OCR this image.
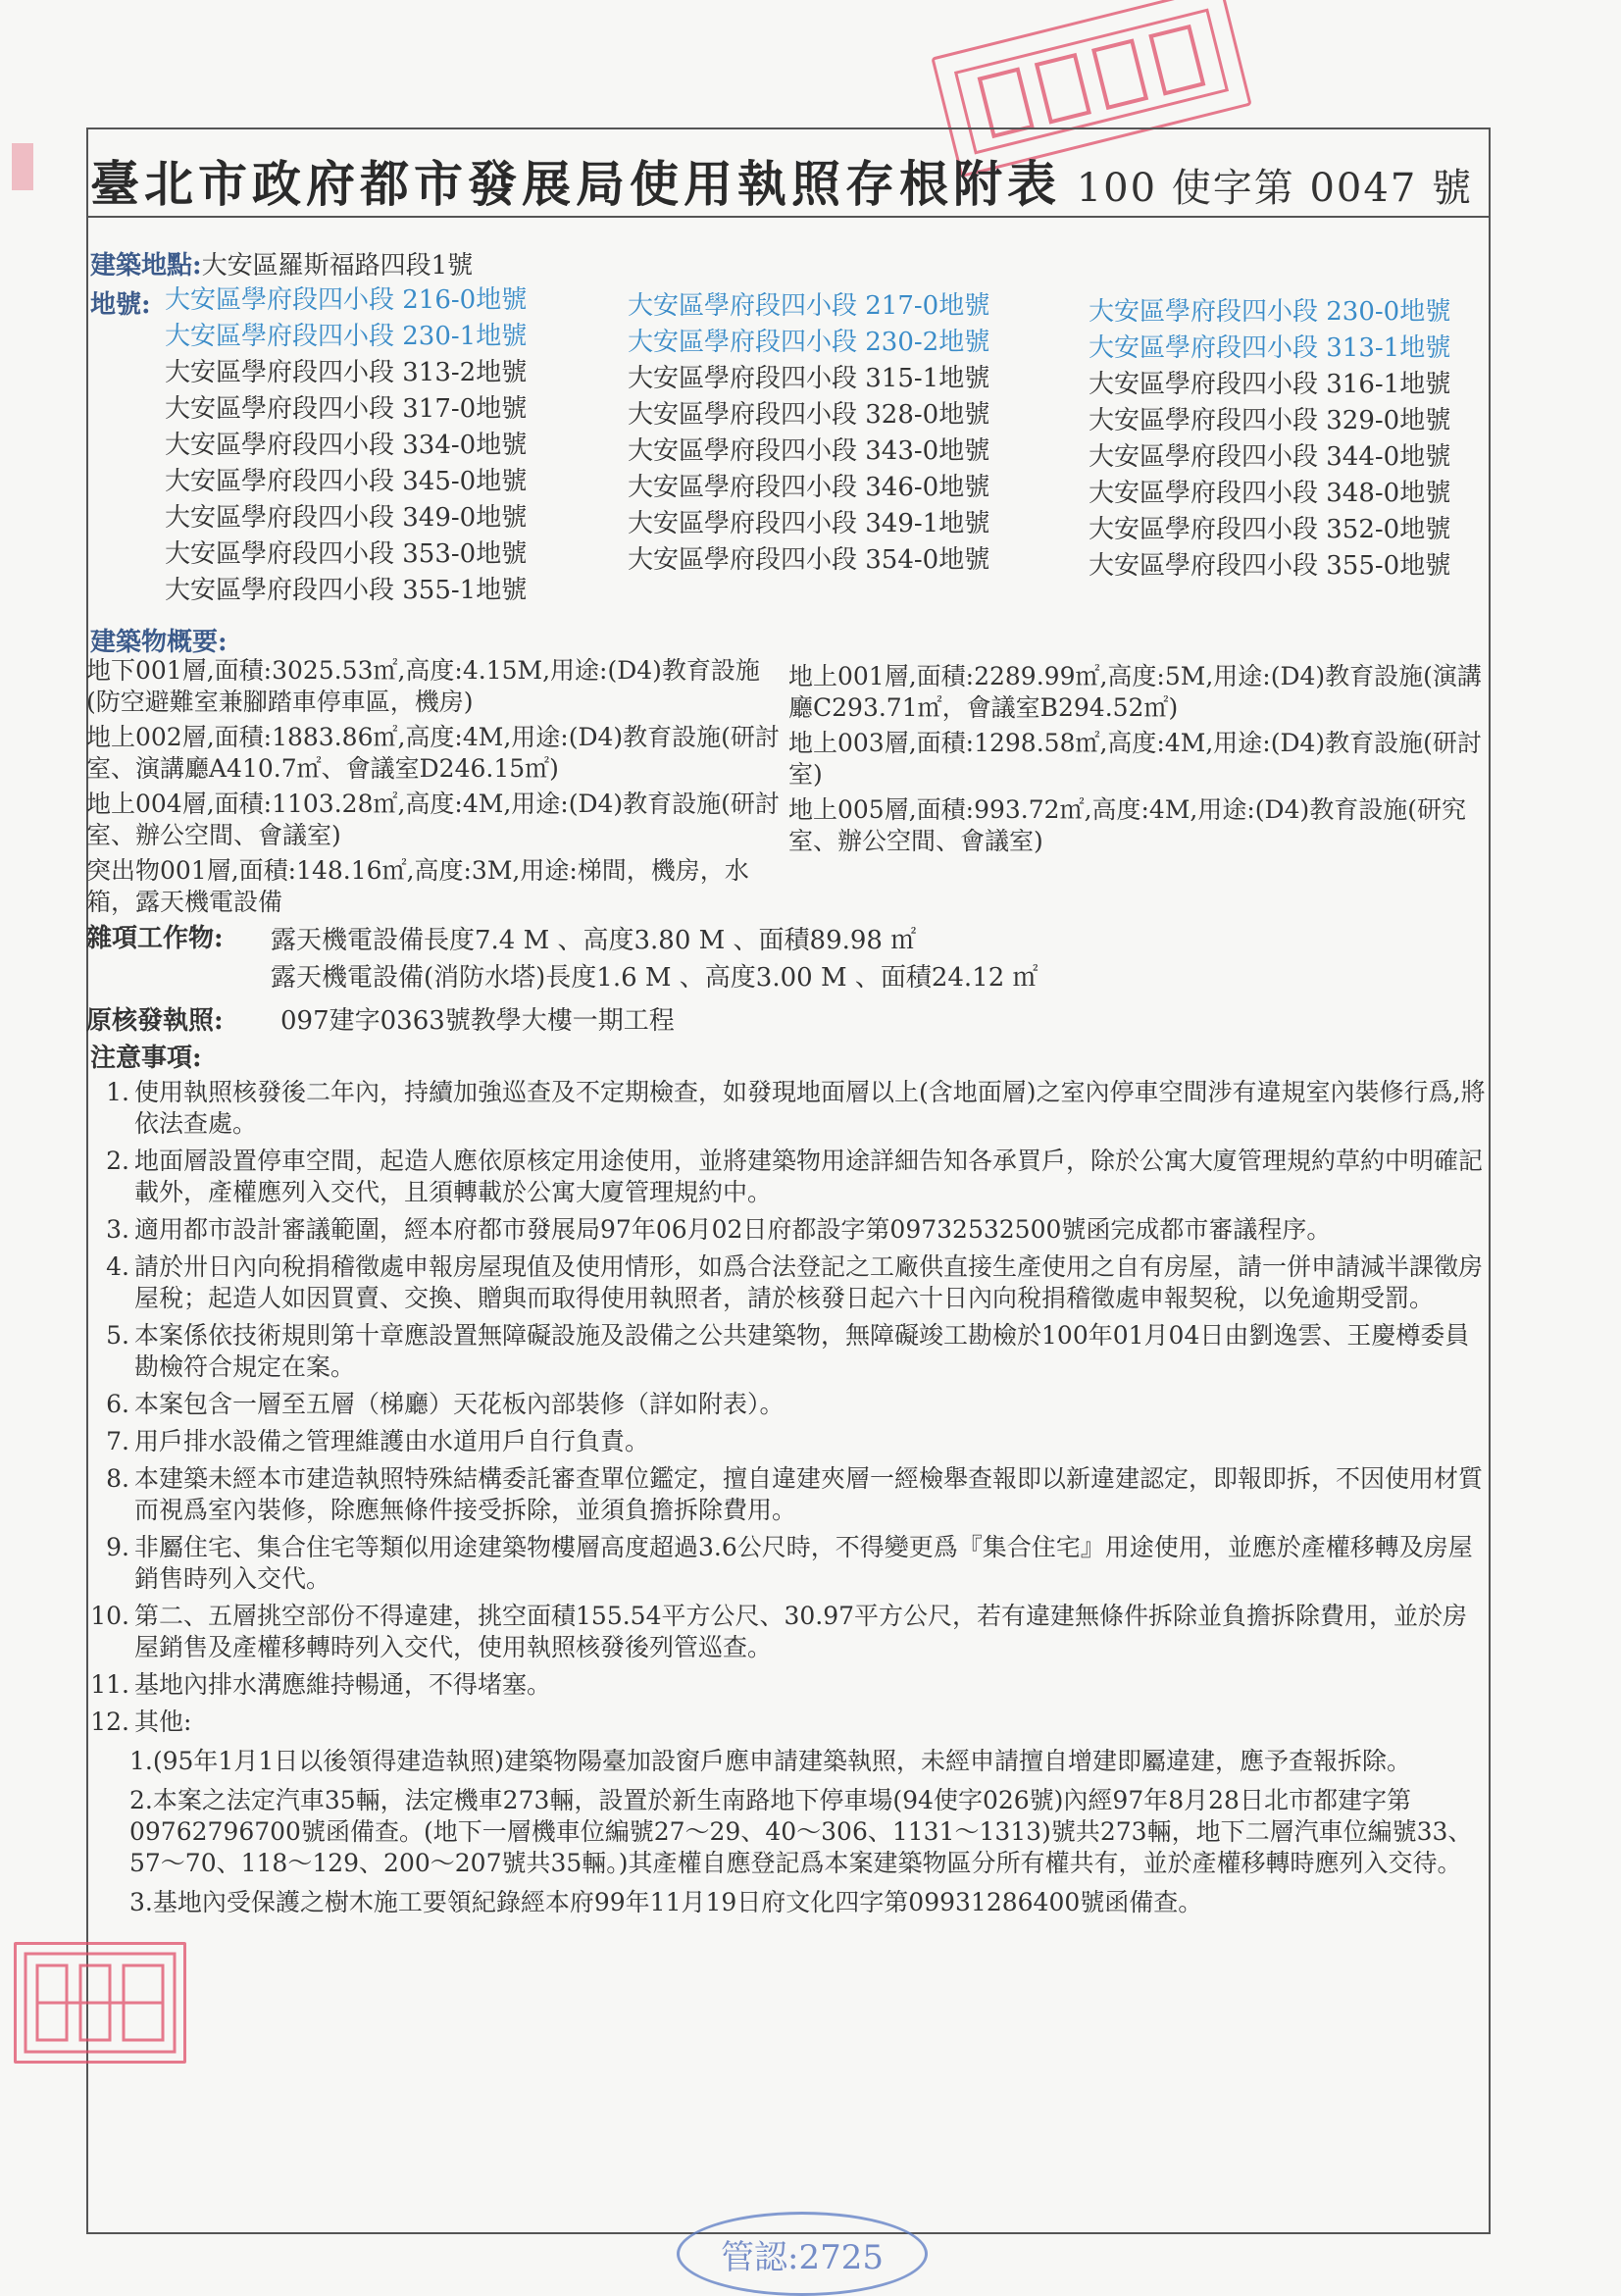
臺北市政府都市發展局使用執照存根附表 100 使字第 0047 號
建築地點:大安區羅斯福路四段1號
地號: 大安區學府段四小段 216-0地號
大安區學府段四小段 230-1地號
大安區學府段四小段 313-2地號
大安區學府段四小段 317-0地號
大安區學府段四小段 334-0地號
大安區學府段四小段 345-0地號
大安區學府段四小段 349-0地號
大安區學府段四小段 353-0地號
大安區學府段四小段 355-1地號
大安區學府段四小段 217-0地號
大安區學府段四小段 230-2地號
大安區學府段四小段 315-1地號
大安區學府段四小段 328-0地號
大安區學府段四小段 343-0地號
大安區學府段四小段 346-0地號
大安區學府段四小段 349-1地號
大安區學府段四小段 354-0地號
大安區學府段四小段 230-0地號
大安區學府段四小段 313-1地號
大安區學府段四小段 316-1地號
大安區學府段四小段 329-0地號
大安區學府段四小段 344-0地號
大安區學府段四小段 348-0地號
大安區學府段四小段 352-0地號
大安區學府段四小段 355-0地號
建築物概要:
地下001層,面積:3025.53㎡,高度:4.15M,用途:(D4)教育設施(防空避難室兼腳踏車停車區，機房)
地上002層,面積:1883.86㎡,高度:4M,用途:(D4)教育設施(研討室、演講廳A410.7㎡、會議室D246.15㎡)
地上004層,面積:1103.28㎡,高度:4M,用途:(D4)教育設施(研討室、辦公空間、會議室)
突出物001層,面積:148.16㎡,高度:3M,用途:梯間，機房，水箱，露天機電設備
地上001層,面積:2289.99㎡,高度:5M,用途:(D4)教育設施(演講廳C293.71㎡，會議室B294.52㎡)
地上003層,面積:1298.58㎡,高度:4M,用途:(D4)教育設施(研討室)
地上005層,面積:993.72㎡,高度:4M,用途:(D4)教育設施(研究室、辦公空間、會議室)
雜項工作物: 露天機電設備長度7.4 M 、高度3.80 M 、面積89.98 ㎡
露天機電設備(消防水塔)長度1.6 M 、高度3.00 M 、面積24.12 ㎡
原核發執照: 097建字0363號教學大樓一期工程
注意事項:
1. 使用執照核發後二年內，持續加強巡查及不定期檢查，如發現地面層以上(含地面層)之室內停車空間涉有違規室內裝修行爲,將依法查處。
2. 地面層設置停車空間，起造人應依原核定用途使用，並將建築物用途詳細告知各承買戶，除於公寓大廈管理規約草約中明確記載外，產權應列入交代，且須轉載於公寓大廈管理規約中。
3. 適用都市設計審議範圍，經本府都市發展局97年06月02日府都設字第09732532500號函完成都市審議程序。
4. 請於卅日內向稅捐稽徵處申報房屋現值及使用情形，如爲合法登記之工廠供直接生產使用之自有房屋，請一併申請減半課徵房屋稅；起造人如因買賣、交換、贈與而取得使用執照者，請於核發日起六十日內向稅捐稽徵處申報契稅，以免逾期受罰。
5. 本案係依技術規則第十章應設置無障礙設施及設備之公共建築物，無障礙竣工勘檢於100年01月04日由劉逸雲、王慶樽委員勘檢符合規定在案。
6. 本案包含一層至五層（梯廳）天花板內部裝修（詳如附表）。
7. 用戶排水設備之管理維護由水道用戶自行負責。
8. 本建築未經本市建造執照特殊結構委託審查單位鑑定，擅自違建夾層一經檢舉查報即以新違建認定，即報即拆，不因使用材質而視爲室內裝修，除應無條件接受拆除，並須負擔拆除費用。
9. 非屬住宅、集合住宅等類似用途建築物樓層高度超過3.6公尺時，不得變更爲『集合住宅』用途使用，並應於產權移轉及房屋銷售時列入交代。
10. 第二、五層挑空部份不得違建，挑空面積155.54平方公尺、30.97平方公尺，若有違建無條件拆除並負擔拆除費用，並於房屋銷售及產權移轉時列入交代，使用執照核發後列管巡查。
11. 基地內排水溝應維持暢通，不得堵塞。
12. 其他:
1.(95年1月1日以後領得建造執照)建築物陽臺加設窗戶應申請建築執照，未經申請擅自增建即屬違建，應予查報拆除。
2.本案之法定汽車35輛，法定機車273輛，設置於新生南路地下停車場(94使字026號)內經97年8月28日北市都建字第09762796700號函備查。(地下一層機車位編號27～29、40～306、1131～1313)號共273輛，地下二層汽車位編號33、57～70、118～129、200～207號共35輛。)其產權自應登記爲本案建築物區分所有權共有，並於產權移轉時應列入交待。
3.基地內受保護之樹木施工要領紀錄經本府99年11月19日府文化四字第09931286400號函備查。
管認:2725
